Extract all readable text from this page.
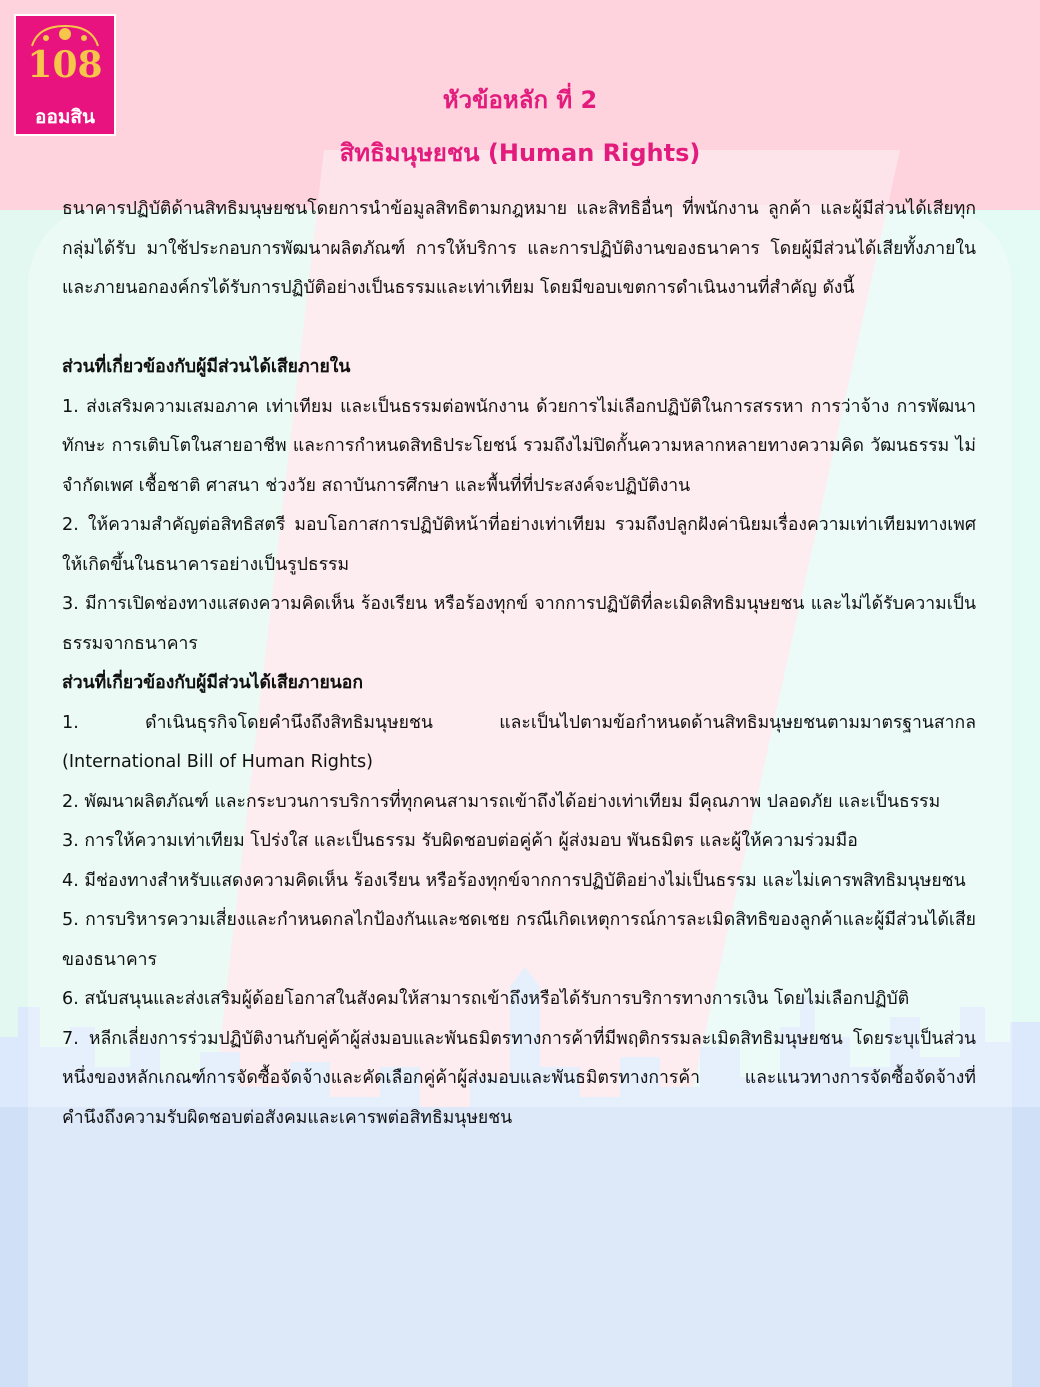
108
ออมสิน
หัวข้อหลัก ที่ 2
สิทธิมนุษยชน (Human Rights)

ธนาคารปฏิบัติด้านสิทธิมนุษยชนโดยการนำข้อมูลสิทธิตามกฎหมาย และสิทธิอื่นๆ ที่พนักงาน ลูกค้า และผู้มีส่วนได้เสียทุกกลุ่มได้รับ มาใช้ประกอบการพัฒนาผลิตภัณฑ์ การให้บริการ และการปฏิบัติงานของธนาคาร โดยผู้มีส่วนได้เสียทั้งภายในและภายนอกองค์กรได้รับการปฏิบัติอย่างเป็นธรรมและเท่าเทียม โดยมีขอบเขตการดำเนินงานที่สำคัญ ดังนี้

ส่วนที่เกี่ยวข้องกับผู้มีส่วนได้เสียภายใน

1. ส่งเสริมความเสมอภาค เท่าเทียม และเป็นธรรมต่อพนักงาน ด้วยการไม่เลือกปฏิบัติในการสรรหา การว่าจ้าง การพัฒนาทักษะ การเติบโตในสายอาชีพ และการกำหนดสิทธิประโยชน์ รวมถึงไม่ปิดกั้นความหลากหลายทางความคิด วัฒนธรรม ไม่จำกัดเพศ เชื้อชาติ ศาสนา ช่วงวัย สถาบันการศึกษา และพื้นที่ที่ประสงค์จะปฏิบัติงาน

2. ให้ความสำคัญต่อสิทธิสตรี มอบโอกาสการปฏิบัติหน้าที่อย่างเท่าเทียม รวมถึงปลูกฝังค่านิยมเรื่องความเท่าเทียมทางเพศให้เกิดขึ้นในธนาคารอย่างเป็นรูปธรรม

3. มีการเปิดช่องทางแสดงความคิดเห็น ร้องเรียน หรือร้องทุกข์ จากการปฏิบัติที่ละเมิดสิทธิมนุษยชน และไม่ได้รับความเป็นธรรมจากธนาคาร

ส่วนที่เกี่ยวข้องกับผู้มีส่วนได้เสียภายนอก

1. ดำเนินธุรกิจโดยคำนึงถึงสิทธิมนุษยชน และเป็นไปตามข้อกำหนดด้านสิทธิมนุษยชนตามมาตรฐานสากล (International Bill of Human Rights)

2. พัฒนาผลิตภัณฑ์ และกระบวนการบริการที่ทุกคนสามารถเข้าถึงได้อย่างเท่าเทียม มีคุณภาพ ปลอดภัย และเป็นธรรม

3. การให้ความเท่าเทียม โปร่งใส และเป็นธรรม รับผิดชอบต่อคู่ค้า ผู้ส่งมอบ พันธมิตร และผู้ให้ความร่วมมือ

4. มีช่องทางสำหรับแสดงความคิดเห็น ร้องเรียน หรือร้องทุกข์จากการปฏิบัติอย่างไม่เป็นธรรม และไม่เคารพสิทธิมนุษยชน

5. การบริหารความเสี่ยงและกำหนดกลไกป้องกันและชดเชย กรณีเกิดเหตุการณ์การละเมิดสิทธิของลูกค้าและผู้มีส่วนได้เสียของธนาคาร

6. สนับสนุนและส่งเสริมผู้ด้อยโอกาสในสังคมให้สามารถเข้าถึงหรือได้รับการบริการทางการเงิน โดยไม่เลือกปฏิบัติ

7. หลีกเลี่ยงการร่วมปฏิบัติงานกับคู่ค้าผู้ส่งมอบและพันธมิตรทางการค้าที่มีพฤติกรรมละเมิดสิทธิมนุษยชน โดยระบุเป็นส่วนหนึ่งของหลักเกณฑ์การจัดซื้อจัดจ้างและคัดเลือกคู่ค้าผู้ส่งมอบและพันธมิตรทางการค้า และแนวทางการจัดซื้อจัดจ้างที่คำนึงถึงความรับผิดชอบต่อสังคมและเคารพต่อสิทธิมนุษยชน
